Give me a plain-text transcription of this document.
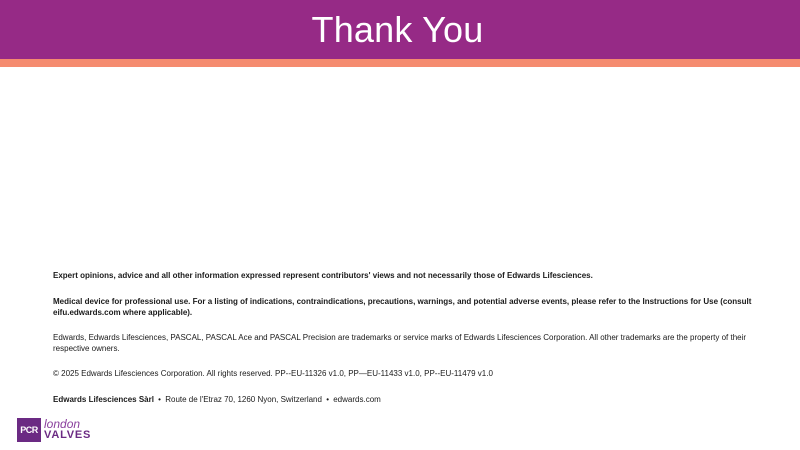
Thank You

Expert opinions, advice and all other information expressed represent contributors' views and not necessarily those of Edwards Lifesciences.

Medical device for professional use. For a listing of indications, contraindications, precautions, warnings, and potential adverse events, please refer to the Instructions for Use (consult eifu.edwards.com where applicable).

Edwards, Edwards Lifesciences, PASCAL, PASCAL Ace and PASCAL Precision are trademarks or service marks of Edwards Lifesciences Corporation. All other trademarks are the property of their respective owners.

© 2025 Edwards Lifesciences Corporation. All rights reserved. PP--EU-11326 v1.0, PP—EU-11433 v1.0, PP--EU-11479 v1.0

Edwards Lifesciences Sàrl • Route de l'Etraz 70, 1260 Nyon, Switzerland • edwards.com

PCR london
VALVES
